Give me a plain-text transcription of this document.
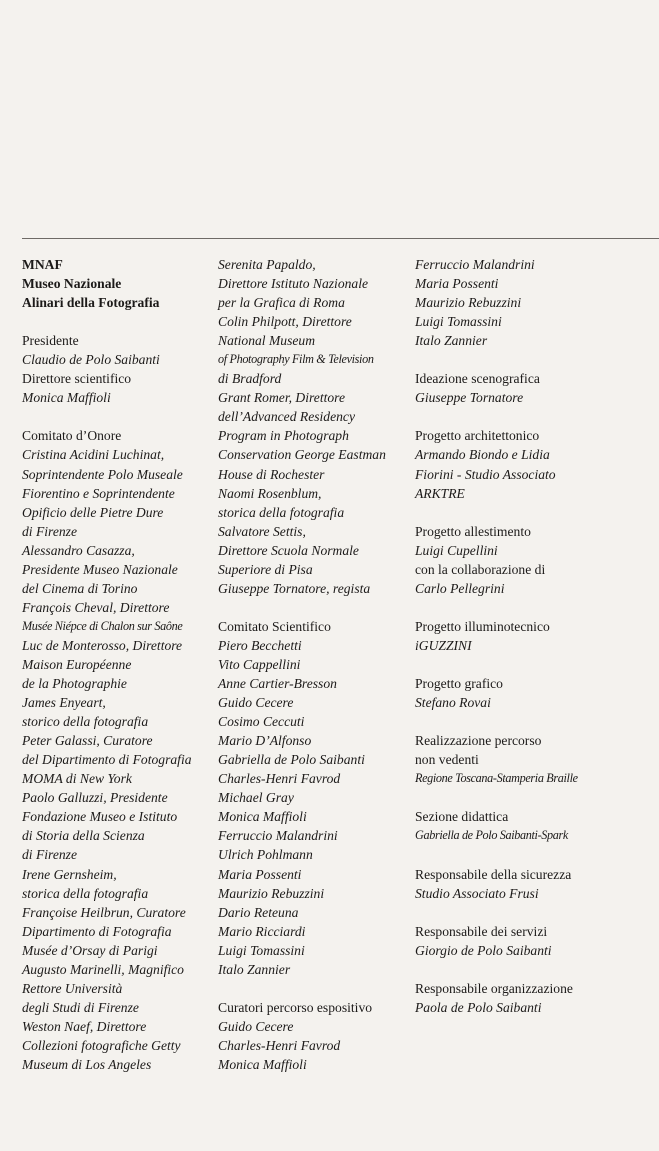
MNAF
Museo Nazionale
Alinari della Fotografia
Presidente
Claudio de Polo Saibanti
Direttore scientifico
Monica Maffioli
Comitato d’Onore
Cristina Acidini Luchinat,
Soprintendente Polo Museale
Fiorentino e Soprintendente
Opificio delle Pietre Dure
di Firenze
Alessandro Casazza,
Presidente Museo Nazionale
del Cinema di Torino
François Cheval, Direttore
Musée Niépce di Chalon sur Saône
Luc de Monterosso, Direttore
Maison Européenne
de la Photographie
James Enyeart,
storico della fotografia
Peter Galassi, Curatore
del Dipartimento di Fotografia
MOMA di New York
Paolo Galluzzi, Presidente
Fondazione Museo e Istituto
di Storia della Scienza
di Firenze
Irene Gernsheim,
storica della fotografia
Françoise Heilbrun, Curatore
Dipartimento di Fotografia
Musée d’Orsay di Parigi
Augusto Marinelli, Magnifico
Rettore Università
degli Studi di Firenze
Weston Naef, Direttore
Collezioni fotografiche Getty
Museum di Los Angeles
Serenita Papaldo,
Direttore Istituto Nazionale
per la Grafica di Roma
Colin Philpott, Direttore
National Museum
of Photography Film & Television
di Bradford
Grant Romer, Direttore
dell’Advanced Residency
Program in Photograph
Conservation George Eastman
House di Rochester
Naomi Rosenblum,
storica della fotografia
Salvatore Settis,
Direttore Scuola Normale
Superiore di Pisa
Giuseppe Tornatore, regista
Comitato Scientifico
Piero Becchetti
Vito Cappellini
Anne Cartier-Bresson
Guido Cecere
Cosimo Ceccuti
Mario D’Alfonso
Gabriella de Polo Saibanti
Charles-Henri Favrod
Michael Gray
Monica Maffioli
Ferruccio Malandrini
Ulrich Pohlmann
Maria Possenti
Maurizio Rebuzzini
Dario Reteuna
Mario Ricciardi
Luigi Tomassini
Italo Zannier
Curatori percorso espositivo
Guido Cecere
Charles-Henri Favrod
Monica Maffioli
Ferruccio Malandrini
Maria Possenti
Maurizio Rebuzzini
Luigi Tomassini
Italo Zannier
Ideazione scenografica
Giuseppe Tornatore
Progetto architettonico
Armando Biondo e Lidia
Fiorini - Studio Associato
ARKTRE
Progetto allestimento
Luigi Cupellini
con la collaborazione di
Carlo Pellegrini
Progetto illuminotecnico
iGUZZINI
Progetto grafico
Stefano Rovai
Realizzazione percorso
non vedenti
Regione Toscana-Stamperia Braille
Sezione didattica
Gabriella de Polo Saibanti-Spark
Responsabile della sicurezza
Studio Associato Frusi
Responsabile dei servizi
Giorgio de Polo Saibanti
Responsabile organizzazione
Paola de Polo Saibanti
